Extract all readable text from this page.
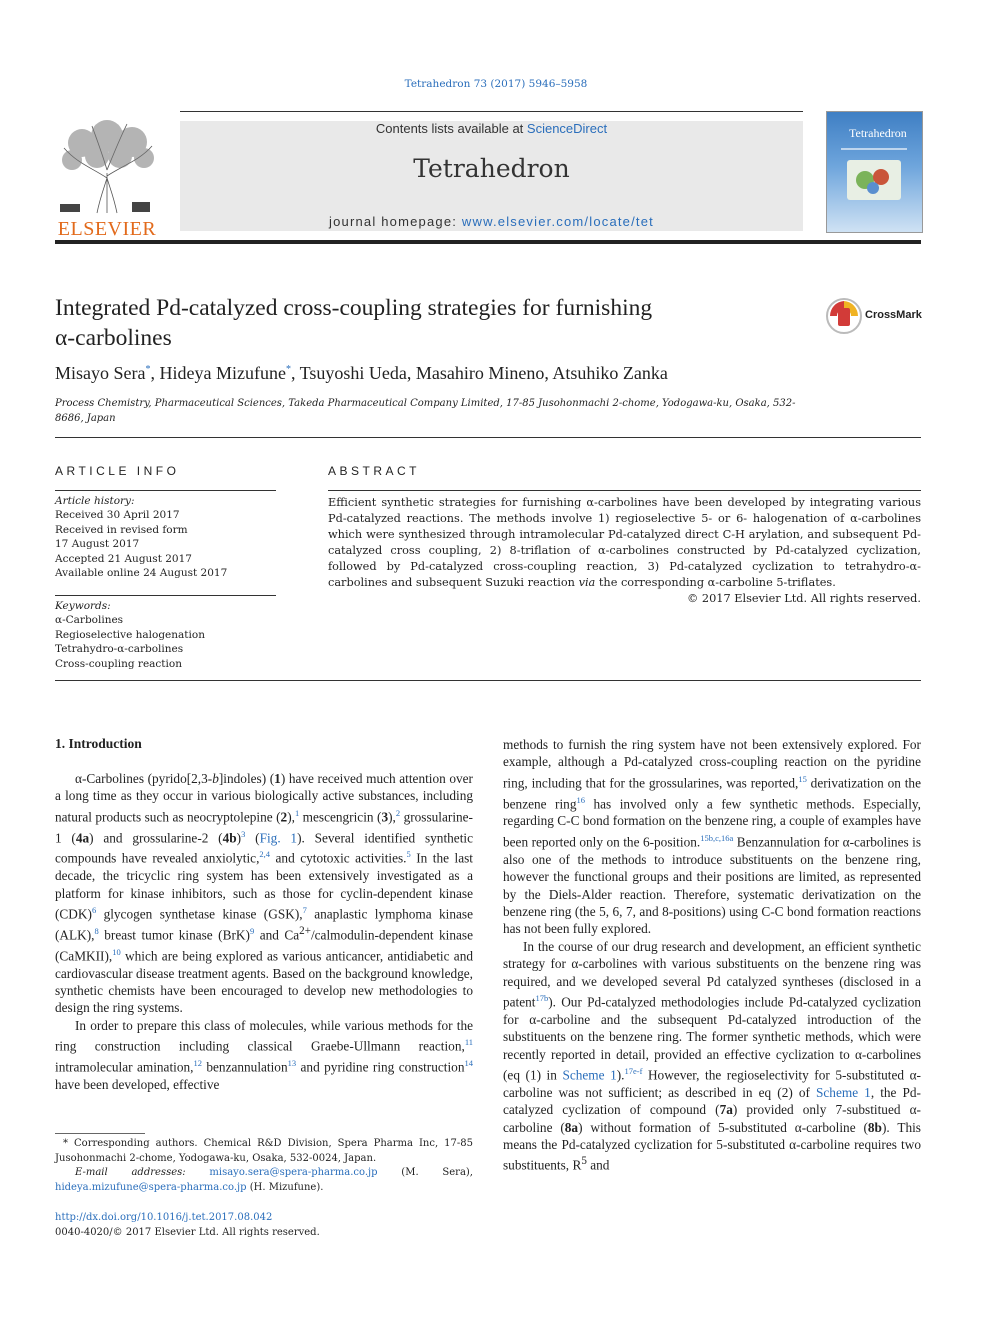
Tetrahedron 73 (2017) 5946–5958
ELSEVIER
Contents lists available at ScienceDirect
Tetrahedron
journal homepage: www.elsevier.com/locate/tet
Tetrahedron
Integrated Pd-catalyzed cross-coupling strategies for furnishing
α-carbolines
CrossMark
Misayo Sera*, Hideya Mizufune*, Tsuyoshi Ueda, Masahiro Mineno, Atsuhiko Zanka
Process Chemistry, Pharmaceutical Sciences, Takeda Pharmaceutical Company Limited, 17-85 Jusohonmachi 2-chome, Yodogawa-ku, Osaka, 532-8686, Japan
ARTICLE INFO
Article history:
Received 30 April 2017
Received in revised form
17 August 2017
Accepted 21 August 2017
Available online 24 August 2017
Keywords:
α-Carbolines
Regioselective halogenation
Tetrahydro-α-carbolines
Cross-coupling reaction
ABSTRACT
Efficient synthetic strategies for furnishing α-carbolines have been developed by integrating various Pd-catalyzed reactions. The methods involve 1) regioselective 5- or 6- halogenation of α-carbolines which were synthesized through intramolecular Pd-catalyzed direct C-H arylation, and subsequent Pd-catalyzed cross coupling, 2) 8-triflation of α-carbolines constructed by Pd-catalyzed cyclization, followed by Pd-catalyzed cross-coupling reaction, 3) Pd-catalyzed cyclization to tetrahydro-α-carbolines and subsequent Suzuki reaction via the corresponding α-carboline 5-triflates.
© 2017 Elsevier Ltd. All rights reserved.
1. Introduction

α-Carbolines (pyrido[2,3-b]indoles) (1) have received much attention over a long time as they occur in various biologically active substances, including natural products such as neocryptolepine (2),$^1$ mescengricin (3),$^2$ grossularine-1 (4a) and grossularine-2 (4b)$^3$ (Fig. 1). Several identified synthetic compounds have revealed anxiolytic,$^{2,4}$ and cytotoxic activities.$^5$ In the last decade, the tricyclic ring system has been extensively investigated as a platform for kinase inhibitors, such as those for cyclin-dependent kinase (CDK)$^6$ glycogen synthetase kinase (GSK),$^7$ anaplastic lymphoma kinase (ALK),$^8$ breast tumor kinase (BrK)$^9$ and $Ca^{2+}/calmodulin$-dependent kinase (CaMKII),$^{10}$ which are being explored as various anticancer, antidiabetic and cardiovascular disease treatment agents. Based on the background knowledge, synthetic chemists have been encouraged to develop new methodologies to design the ring systems.

In order to prepare this class of molecules, while various methods for the ring construction including classical Graebe-Ullmann reaction,$^{11}$ intramolecular amination,$^{12}$ benzannulation$^{13}$ and pyridine ring construction$^{14}$ have been developed, effective

methods to furnish the ring system have not been extensively explored. For example, although a Pd-catalyzed cross-coupling reaction on the pyridine ring, including that for the grossularines, was reported,$^{15}$ derivatization on the benzene ring$^{16}$ has involved only a few synthetic methods. Especially, regarding C-C bond formation on the benzene ring, a couple of examples have been reported only on the 6-position.$^{15b,c,16a}$ Benzannulation for α-carbolines is also one of the methods to introduce substituents on the benzene ring, however the functional groups and their positions are limited, as represented by the Diels-Alder reaction. Therefore, systematic derivatization on the benzene ring (the 5, 6, 7, and 8-positions) using C-C bond formation reactions has not been fully explored.

In the course of our drug research and development, an efficient synthetic strategy for α-carbolines with various substituents on the benzene ring was required, and we developed several Pd catalyzed syntheses (disclosed in a patent$^{17b}$). Our Pd-catalyzed methodologies include Pd-catalyzed cyclization for α-carboline and the subsequent Pd-catalyzed introduction of the substituents on the benzene ring. The former synthetic methods, which were recently reported in detail, provided an effective cyclization to α-carbolines (eq (1) in Scheme 1).$^{17e-f}$ However, the regioselectivity for 5-substituted α-carboline was not sufficient; as described in eq (2) of Scheme 1, the Pd-catalyzed cyclization of compound (7a) provided only 7-substitued α-carboline (8a) without formation of 5-substituted α-carboline (8b). This means the Pd-catalyzed cyclization for 5-substituted α-carboline requires two substituents, $R^5$ and

* Corresponding authors. Chemical R&D Division, Spera Pharma Inc, 17-85 Jusohonmachi 2-chome, Yodogawa-ku, Osaka, 532-0024, Japan.
E-mail addresses: misayo.sera@spera-pharma.co.jp (M. Sera), hideya.mizufune@spera-pharma.co.jp (H. Mizufune).
http://dx.doi.org/10.1016/j.tet.2017.08.042
0040-4020/© 2017 Elsevier Ltd. All rights reserved.
